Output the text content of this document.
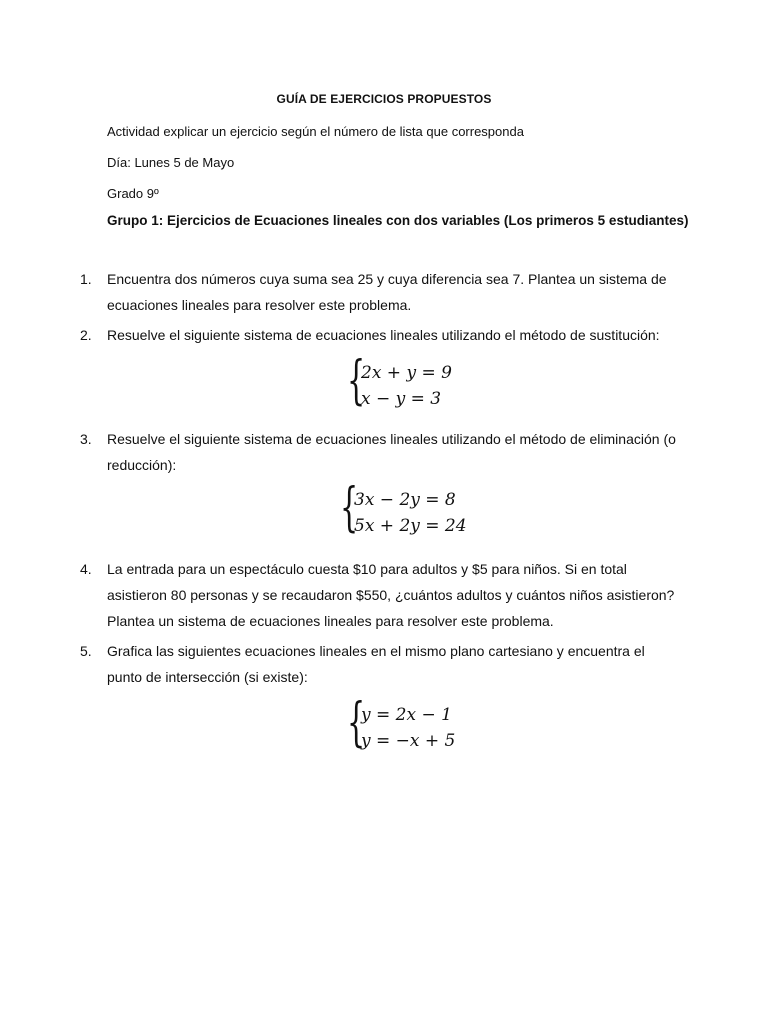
GUÍA DE EJERCICIOS PROPUESTOS
Actividad explicar un ejercicio según el número de lista que corresponda
Día: Lunes 5 de Mayo
Grado 9º
Grupo 1: Ejercicios de Ecuaciones lineales con dos variables (Los primeros 5 estudiantes)
1. Encuentra dos números cuya suma sea 25 y cuya diferencia sea 7. Plantea un sistema de ecuaciones lineales para resolver este problema.
2. Resuelve el siguiente sistema de ecuaciones lineales utilizando el método de sustitución:
{
2x + y = 9
x − y = 3
3. Resuelve el siguiente sistema de ecuaciones lineales utilizando el método de eliminación (o reducción):
{
3x − 2y = 8
5x + 2y = 24
4. La entrada para un espectáculo cuesta $10 para adultos y $5 para niños. Si en total asistieron 80 personas y se recaudaron $550, ¿cuántos adultos y cuántos niños asistieron? Plantea un sistema de ecuaciones lineales para resolver este problema.
5. Grafica las siguientes ecuaciones lineales en el mismo plano cartesiano y encuentra el punto de intersección (si existe):
{
y = 2x − 1
y = −x + 5
